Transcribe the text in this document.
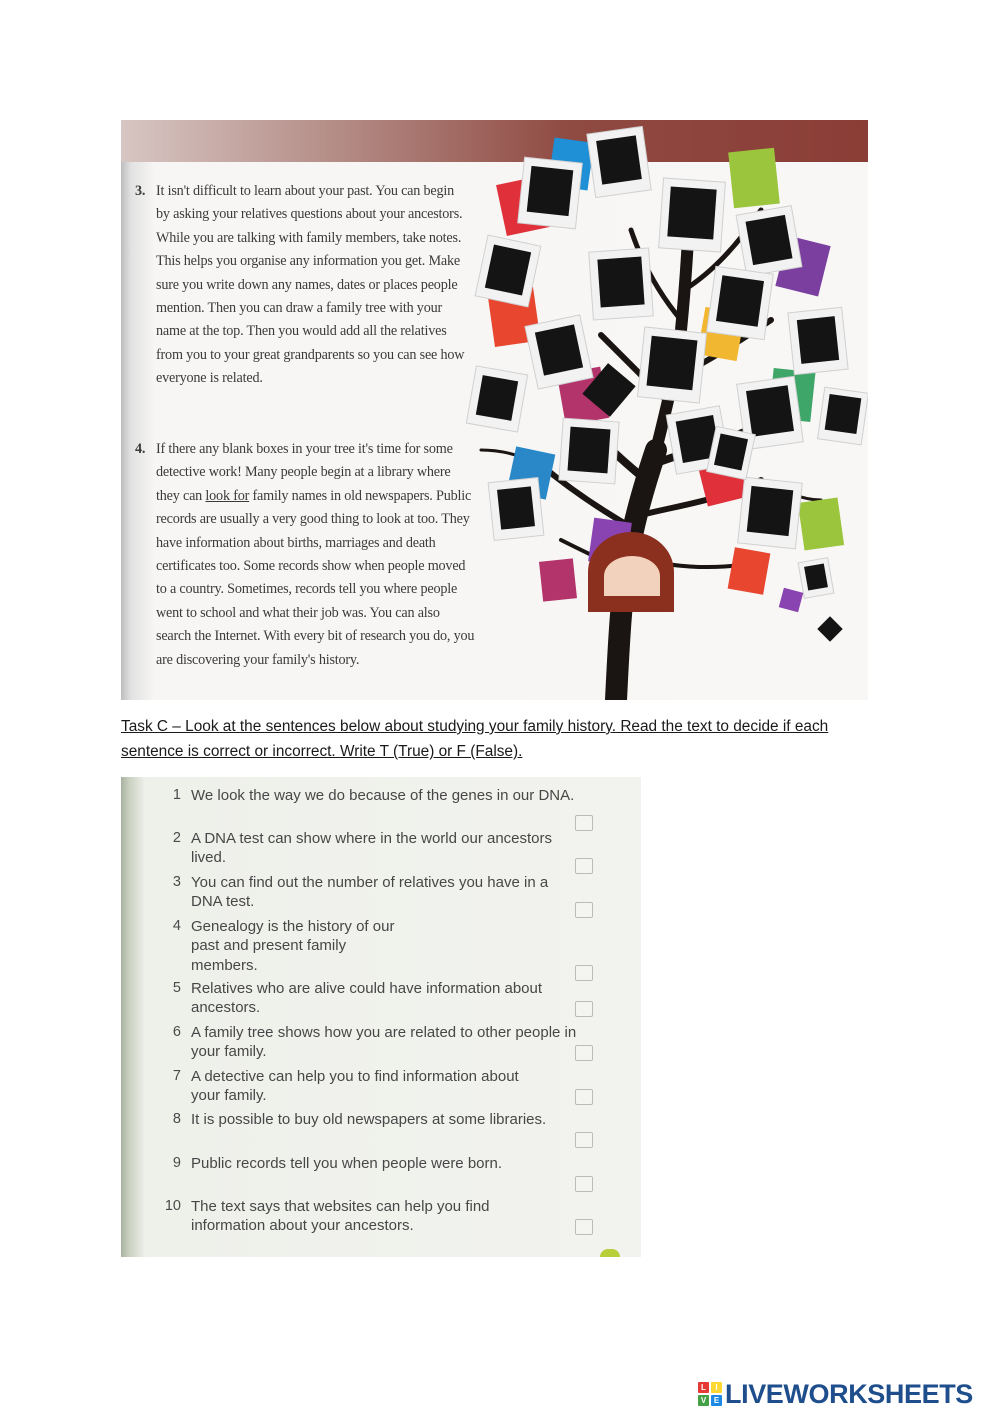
3. It isn't difficult to learn about your past. You can begin by asking your relatives questions about your ancestors. While you are talking with family members, take notes. This helps you organise any information you get. Make sure you write down any names, dates or places people mention. Then you can draw a family tree with your name at the top. Then you would add all the relatives from you to your great grandparents so you can see how everyone is related.
4. If there any blank boxes in your tree it's time for some detective work! Many people begin at a library where they can look for family names in old newspapers. Public records are usually a very good thing to look at too. They have information about births, marriages and death certificates too. Some records show when people moved to a country. Sometimes, records tell you where people went to school and what their job was. You can also search the Internet. With every bit of research you do, you are discovering your family's history.
Task C – Look at the sentences below about studying your family history. Read the text to decide if each sentence is correct or incorrect. Write T (True) or F (False).
1 We look the way we do because of the genes in our DNA.
2 A DNA test can show where in the world our ancestors lived.
3 You can find out the number of relatives you have in a DNA test.
4 Genealogy is the history of our past and present family members.
5 Relatives who are alive could have information about ancestors.
6 A family tree shows how you are related to other people in your family.
7 A detective can help you to find information about your family.
8 It is possible to buy old newspapers at some libraries.
9 Public records tell you when people were born.
10 The text says that websites can help you find information about your ancestors.
L	I
V E LIVEWORKSHEETS
